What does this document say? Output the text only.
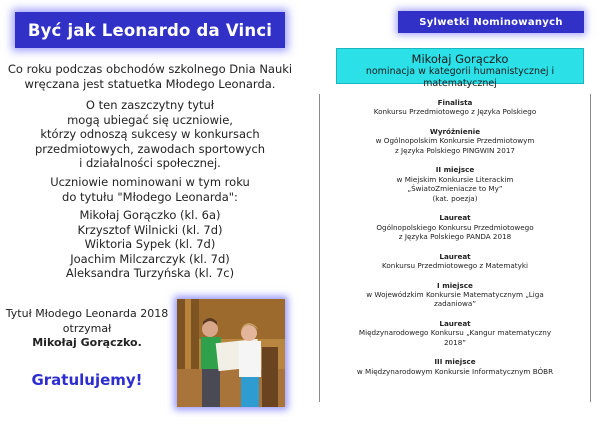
Być jak Leonardo da Vinci
Co roku podczas obchodów szkolnego Dnia Nauki
wręczana jest statuetka Młodego Leonarda.
O ten zaszczytny tytuł
mogą ubiegać się uczniowie,
którzy odnoszą sukcesy w konkursach
przedmiotowych, zawodach sportowych
i działalności społecznej.
Uczniowie nominowani w tym roku
do tytułu "Młodego Leonarda":
Mikołaj Gorączko (kl. 6a)
Krzysztof Wilnicki (kl. 7d)
Wiktoria Sypek (kl. 7d)
Joachim Milczarczyk (kl. 7d)
Aleksandra Turzyńska (kl. 7c)
Tytuł Młodego Leonarda 2018
otrzymał
Mikołaj Gorączko.
Gratulujemy!
Sylwetki Nominowanych
Mikołaj Gorączko
nominacja w kategorii humanistycznej i matematycznej
Finalista
Konkursu Przedmiotowego z Języka Polskiego
Wyróżnienie
w Ogólnopolskim Konkursie Przedmiotowym
z Języka Polskiego PINGWIN 2017
II miejsce
w Miejskim Konkursie Literackim
„ŚwiatoZmieniacze to My”
(kat. poezja)
Laureat
Ogólnopolskiego Konkursu Przedmiotowego
z Języka Polskiego PANDA 2018
Laureat
Konkursu Przedmiotowego z Matematyki
I miejsce
w Wojewódzkim Konkursie Matematycznym „Liga
zadaniowa”
Laureat
Międzynarodowego Konkursu „Kangur matematyczny
2018”
III miejsce
w Międzynarodowym Konkursie Informatycznym BÓBR
